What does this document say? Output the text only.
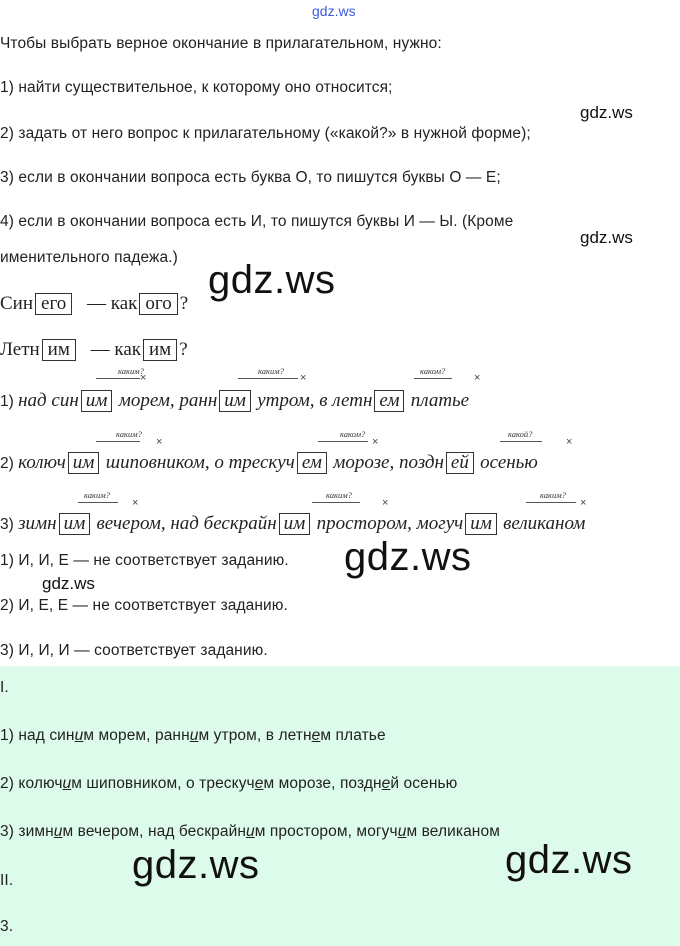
gdz.ws
Чтобы выбрать верное окончание в прилагательном, нужно:
1) найти существительное, к которому оно относится;
gdz.ws
2) задать от него вопрос к прилагательному («какой?» в нужной форме);
3) если в окончании вопроса есть буква О, то пишутся буквы О — Е;
4) если в окончании вопроса есть И, то пишутся буквы И — Ы. (Кроме
gdz.ws
именительного падежа.)
Син его — как ого ?
gdz.ws
Летн им — как им ?
каким?
×
каким?
×
каком?
×
1) над син им морем, ранн им утром, в летн ем платье
каким?
×
каком?
×
какой?
×
2) колюч им шиповником, о трескуч ем морозе, поздн ей осенью
каким?
×
каким?
×
каким?
×
3) зимн им вечером, над бескрайн им простором, могуч им великаном
1) И, И, Е — не соответствует заданию. gdz.ws
gdz.ws
2) И, Е, Е — не соответствует заданию.
3) И, И, И — соответствует заданию.
I.
1) над синим морем, ранним утром, в летнем платье
2) колючим шиповником, о трескучем морозе, поздней осенью
3) зимним вечером, над бескрайним простором, могучим великаном
gdz.ws	gdz.ws
II.
3.
